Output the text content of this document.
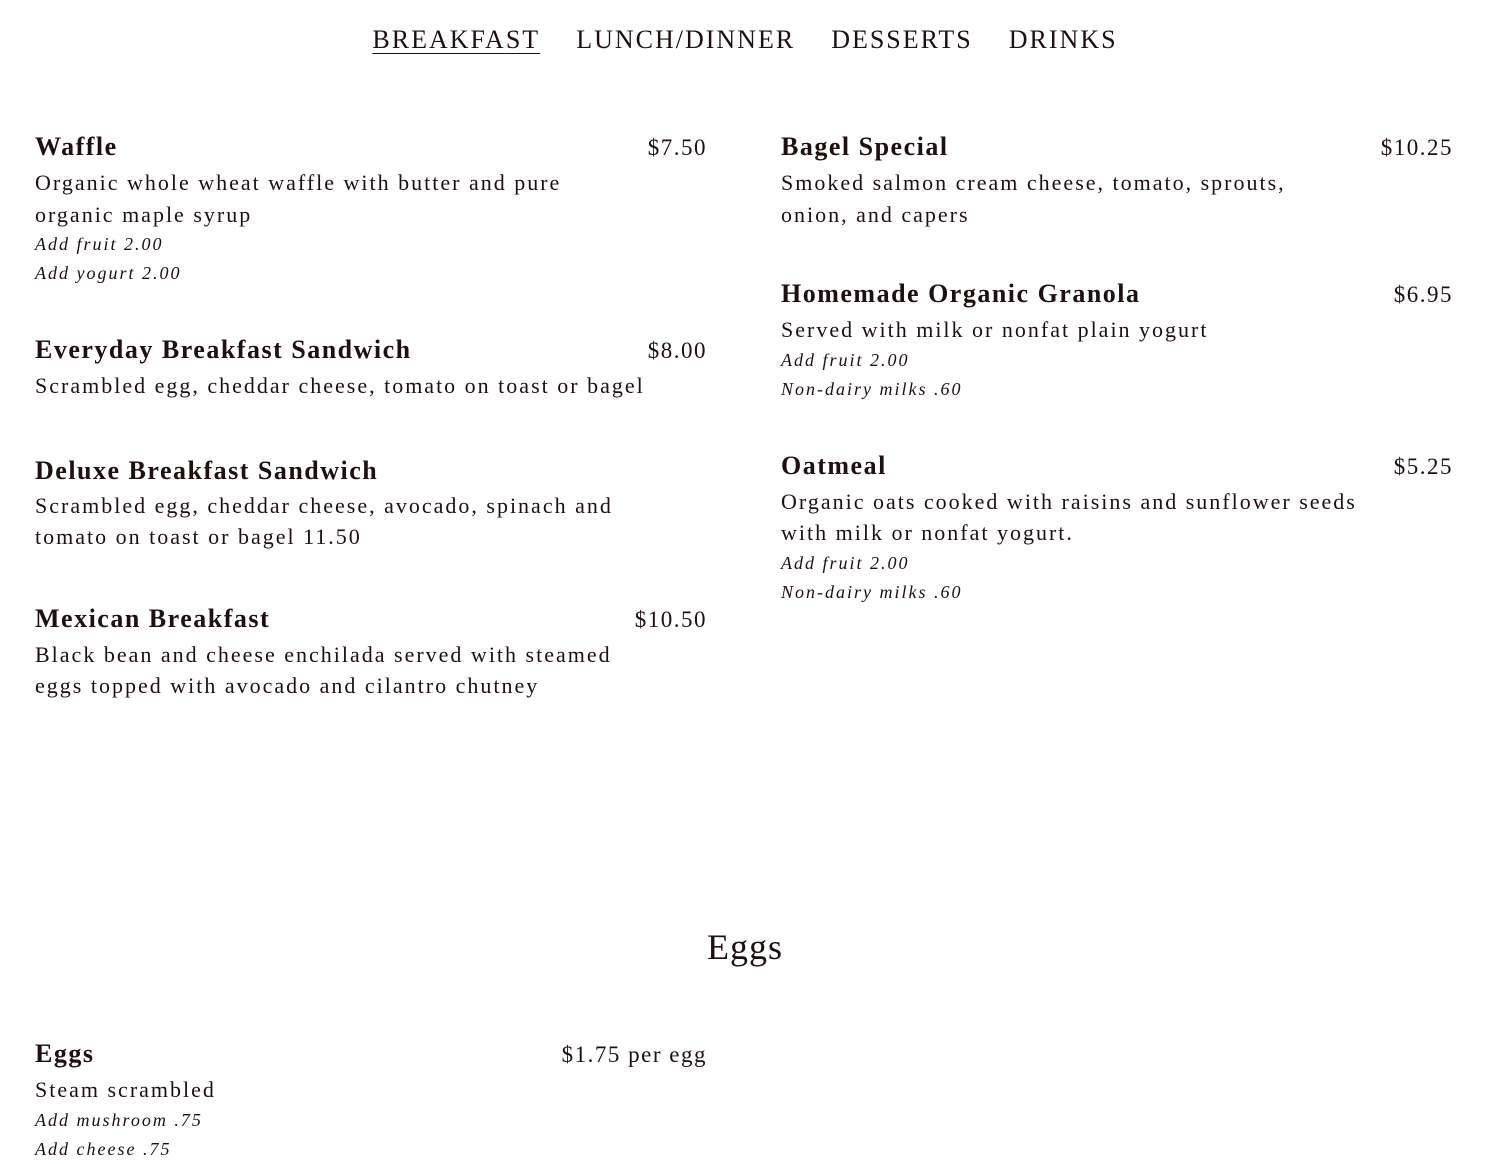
BREAKFAST LUNCH/DINNER DESSERTS DRINKS
Waffle	$7.50
Organic whole wheat waffle with butter and pure organic maple syrup
Add fruit 2.00
Add yogurt 2.00
Everyday Breakfast Sandwich	$8.00
Scrambled egg, cheddar cheese, tomato on toast or bagel
Deluxe Breakfast Sandwich
Scrambled egg, cheddar cheese, avocado, spinach and tomato on toast or bagel 11.50
Mexican Breakfast	$10.50
Black bean and cheese enchilada served with steamed eggs topped with avocado and cilantro chutney
Bagel Special	$10.25
Smoked salmon cream cheese, tomato, sprouts, onion, and capers
Homemade Organic Granola	$6.95
Served with milk or nonfat plain yogurt
Add fruit 2.00
Non-dairy milks .60
Oatmeal	$5.25
Organic oats cooked with raisins and sunflower seeds with milk or nonfat yogurt.
Add fruit 2.00
Non-dairy milks .60
Eggs
Eggs	$1.75 per egg
Steam scrambled
Add mushroom .75
Add cheese .75
